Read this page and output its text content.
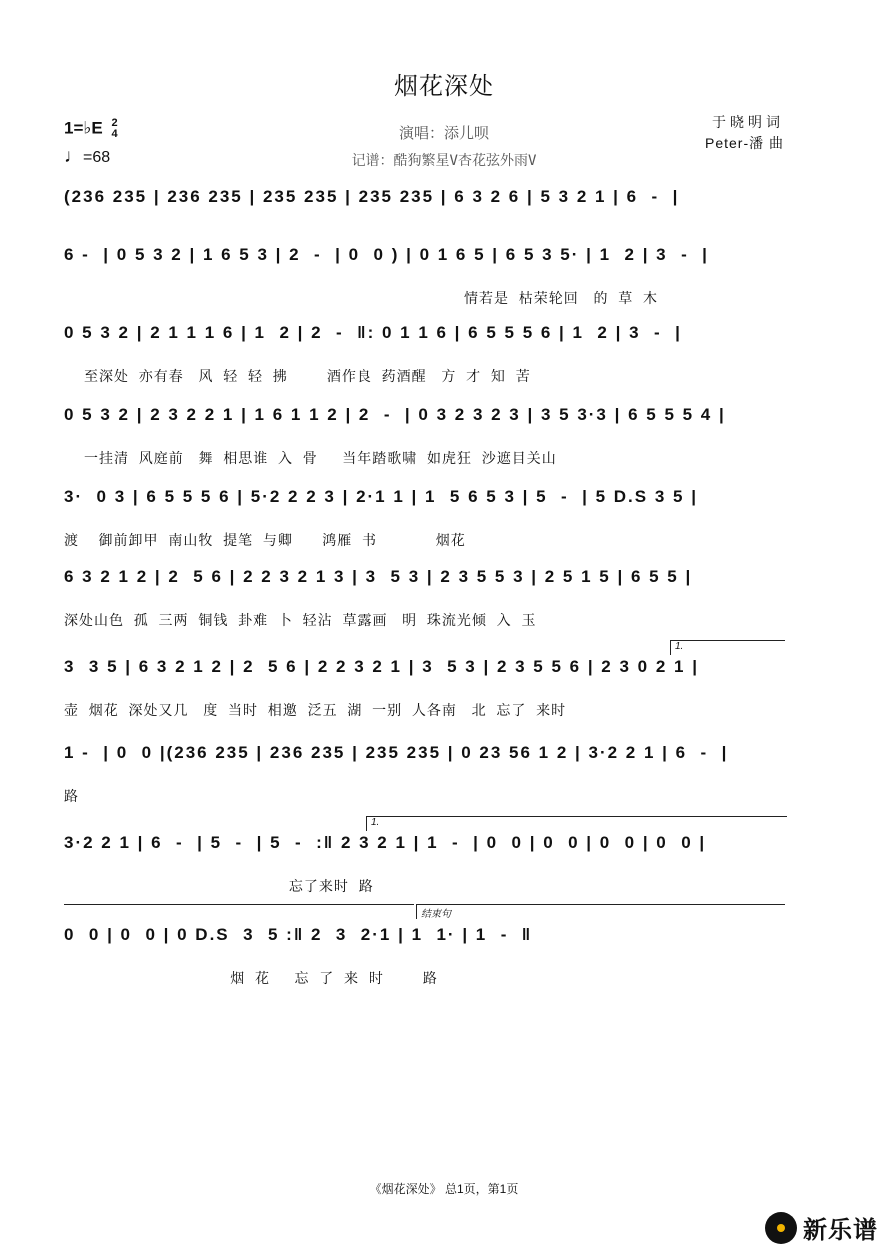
烟花深处
1=♭E 2
4
♩=68
演唱：添儿呗
记谱：酷狗繁星V杏花弦外雨V
于晓明词
Peter-潘 曲
(236 235 | 236 235 | 235 235 | 235 235 | 6 3 2 6 | 5 3 2 1 | 6  -  |
6 -  | 0 5 3 2 | 1 6 5 3 | 2  -  | 0  0 ) | 0 1 6 5 | 6 5 3 5· | 1  2 | 3  -  |
情若是  枯荣轮回   的  草  木
0 5 3 2 | 2 1 1 1 6 | 1  2 | 2  -  ‖: 0 1 1 6 | 6 5 5 5 6 | 1  2 | 3  -  |
至深处  亦有春   风  轻  轻  拂        酒作良  药酒醒   方  才  知  苦
0 5 3 2 | 2 3 2 2 1 | 1 6 1 1 2 | 2  -  | 0 3 2 3 2 3 | 3 5 3·3 | 6 5 5 5 4 |
一挂清  风庭前   舞  相思谁  入  骨     当年踏歌啸  如虎狂  沙遮目关山
3·  0 3 | 6 5 5 5 6 | 5·2 2 2 3 | 2·1 1 | 1  5 6 5 3 | 5  -  | 5 D.S 3 5 |
渡    御前卸甲  南山牧  提笔  与卿      鸿雁  书            烟花
6 3 2 1 2 | 2  5 6 | 2 2 3 2 1 3 | 3  5 3 | 2 3 5 5 3 | 2 5 1 5 | 6 5 5 |
深处山色  孤  三两  铜钱  卦难  卜  轻沾  草露画   明  珠流光倾  入  玉
1.
3  3 5 | 6 3 2 1 2 | 2  5 6 | 2 2 3 2 1 | 3  5 3 | 2 3 5 5 6 | 2 3 0 2 1 |
壶  烟花  深处又几   度  当时  相邀  泛五  湖  一别  人各南   北  忘了  来时
1 -  | 0  0 |(236 235 | 236 235 | 235 235 | 0 23 56 1 2 | 3·2 2 1 | 6  -  |
路
1.
3·2 2 1 | 6  -  | 5  -  | 5  -  :‖ 2 3 2 1 | 1  -  | 0  0 | 0  0 | 0  0 | 0  0 |
忘了来时  路
结束句
0  0 | 0  0 | 0 D.S  3  5 :‖ 2  3  2·1 | 1  1· | 1  -  ‖
烟  花     忘  了  来  时        路
《烟花深处》 总1页，第1页
新乐谱
